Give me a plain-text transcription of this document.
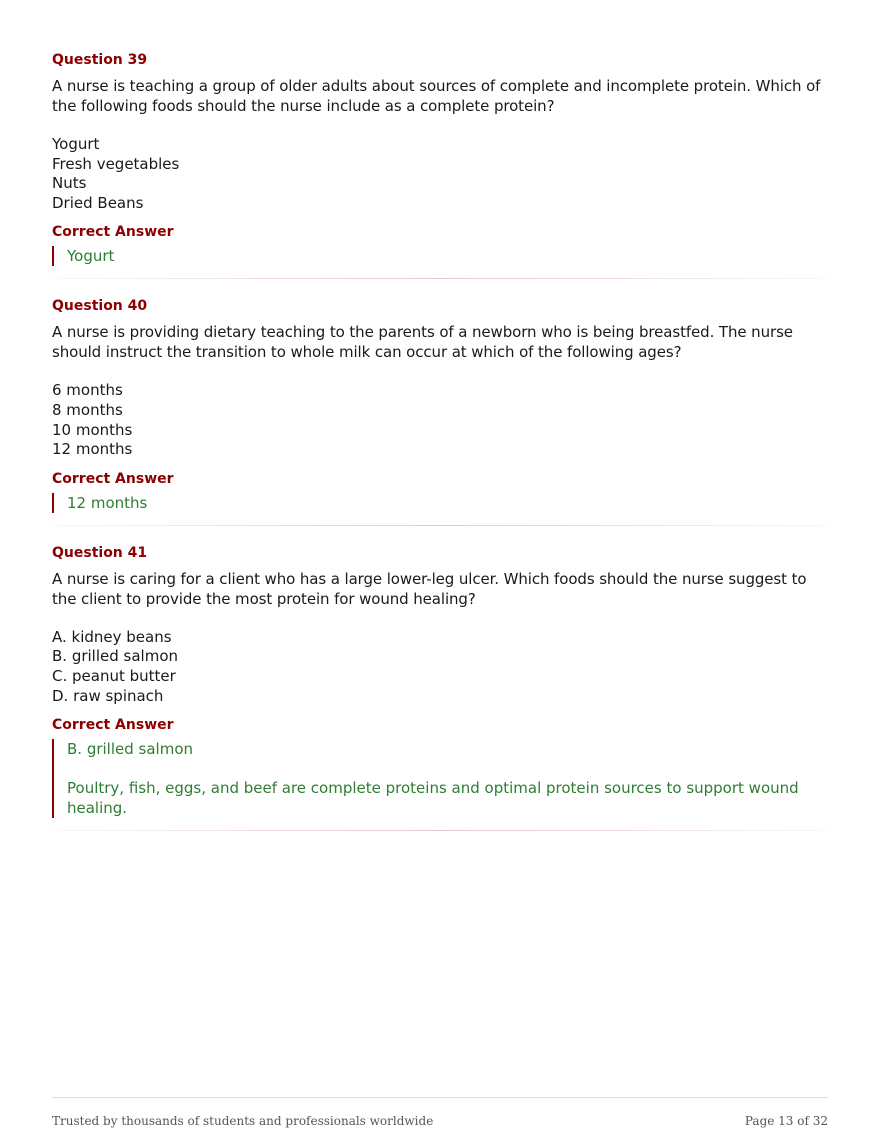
Question 39

A nurse is teaching a group of older adults about sources of complete and incomplete protein. Which of the following foods should the nurse include as a complete protein?

Yogurt
Fresh vegetables
Nuts
Dried Beans

Correct Answer

Yogurt

Question 40

A nurse is providing dietary teaching to the parents of a newborn who is being breastfed. The nurse should instruct the transition to whole milk can occur at which of the following ages?

6 months
8 months
10 months
12 months

Correct Answer

12 months

Question 41

A nurse is caring for a client who has a large lower-leg ulcer. Which foods should the nurse suggest to the client to provide the most protein for wound healing?

A. kidney beans
B. grilled salmon
C. peanut butter
D. raw spinach

Correct Answer

B. grilled salmon
Poultry, fish, eggs, and beef are complete proteins and optimal protein sources to support wound healing.
Trusted by thousands of students and professionals worldwide	Page 13 of 32
